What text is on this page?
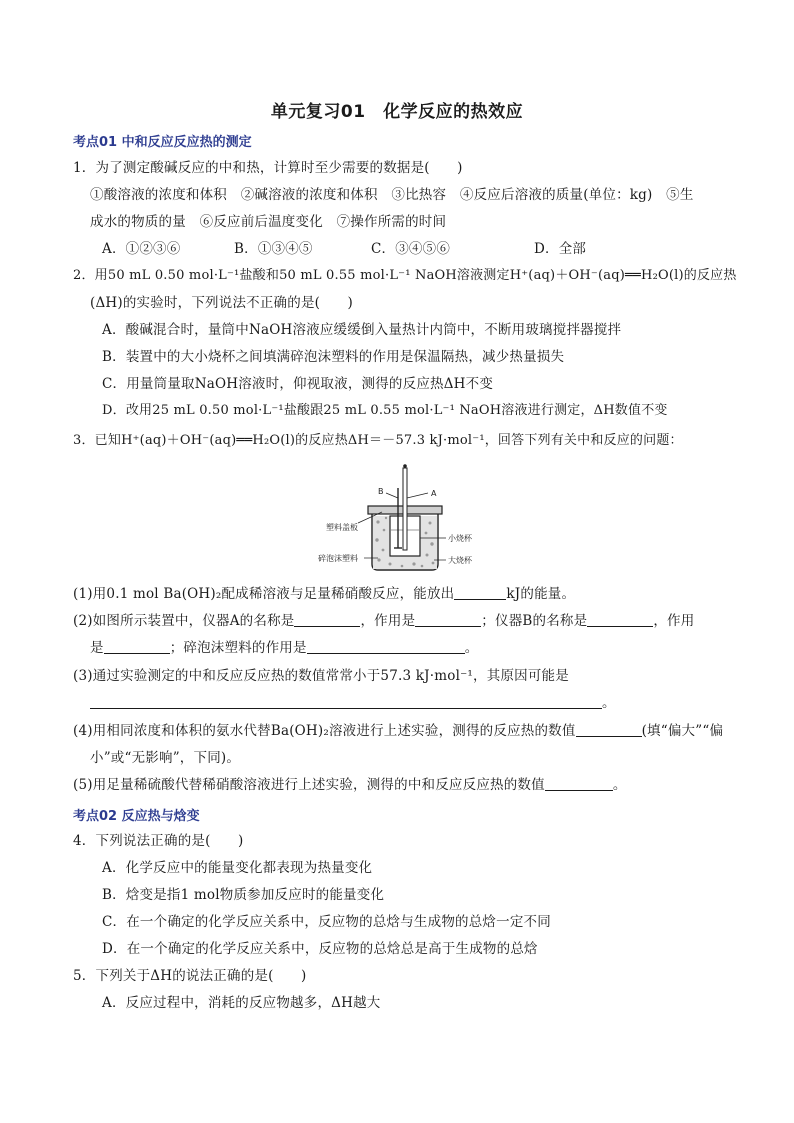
单元复习01　化学反应的热效应
考点01 中和反应反应热的测定
1．为了测定酸碱反应的中和热，计算时至少需要的数据是(　　)
①酸溶液的浓度和体积　②碱溶液的浓度和体积　③比热容　④反应后溶液的质量(单位：kg)　⑤生
成水的物质的量　⑥反应前后温度变化　⑦操作所需的时间
A．①②③⑥	B．①③④⑤	C．③④⑤⑥	D．全部
2．用50 mL 0.50 mol·L⁻¹盐酸和50 mL 0.55 mol·L⁻¹ NaOH溶液测定H⁺(aq)＋OH⁻(aq)══H₂O(l)的反应热
(ΔH)的实验时，下列说法不正确的是(　　)
A．酸碱混合时，量筒中NaOH溶液应缓缓倒入量热计内筒中，不断用玻璃搅拌器搅拌
B．装置中的大小烧杯之间填满碎泡沫塑料的作用是保温隔热，减少热量损失
C．用量筒量取NaOH溶液时，仰视取液，测得的反应热ΔH不变
D．改用25 mL 0.50 mol·L⁻¹盐酸跟25 mL 0.55 mol·L⁻¹ NaOH溶液进行测定，ΔH数值不变
3．已知H⁺(aq)＋OH⁻(aq)══H₂O(l)的反应热ΔH＝－57.3 kJ·mol⁻¹，回答下列有关中和反应的问题：
B	A
塑料盖板
小烧杯
碎泡沫塑料	大烧杯
(1)用0.1 mol Ba(OH)₂配成稀溶液与足量稀硝酸反应，能放出	kJ的能量。
(2)如图所示装置中，仪器A的名称是	，作用是	；仪器B的名称是	，作用
是	；碎泡沫塑料的作用是	。
(3)通过实验测定的中和反应反应热的数值常常小于57.3 kJ·mol⁻¹，其原因可能是
。
(4)用相同浓度和体积的氨水代替Ba(OH)₂溶液进行上述实验，测得的反应热的数值	(填“偏大”“偏
小”或“无影响”，下同)。
(5)用足量稀硫酸代替稀硝酸溶液进行上述实验，测得的中和反应反应热的数值	。
考点02 反应热与焓变
4．下列说法正确的是(　　)
A．化学反应中的能量变化都表现为热量变化
B．焓变是指1 mol物质参加反应时的能量变化
C．在一个确定的化学反应关系中，反应物的总焓与生成物的总焓一定不同
D．在一个确定的化学反应关系中，反应物的总焓总是高于生成物的总焓
5．下列关于ΔH的说法正确的是(　　)
A．反应过程中，消耗的反应物越多，ΔH越大
